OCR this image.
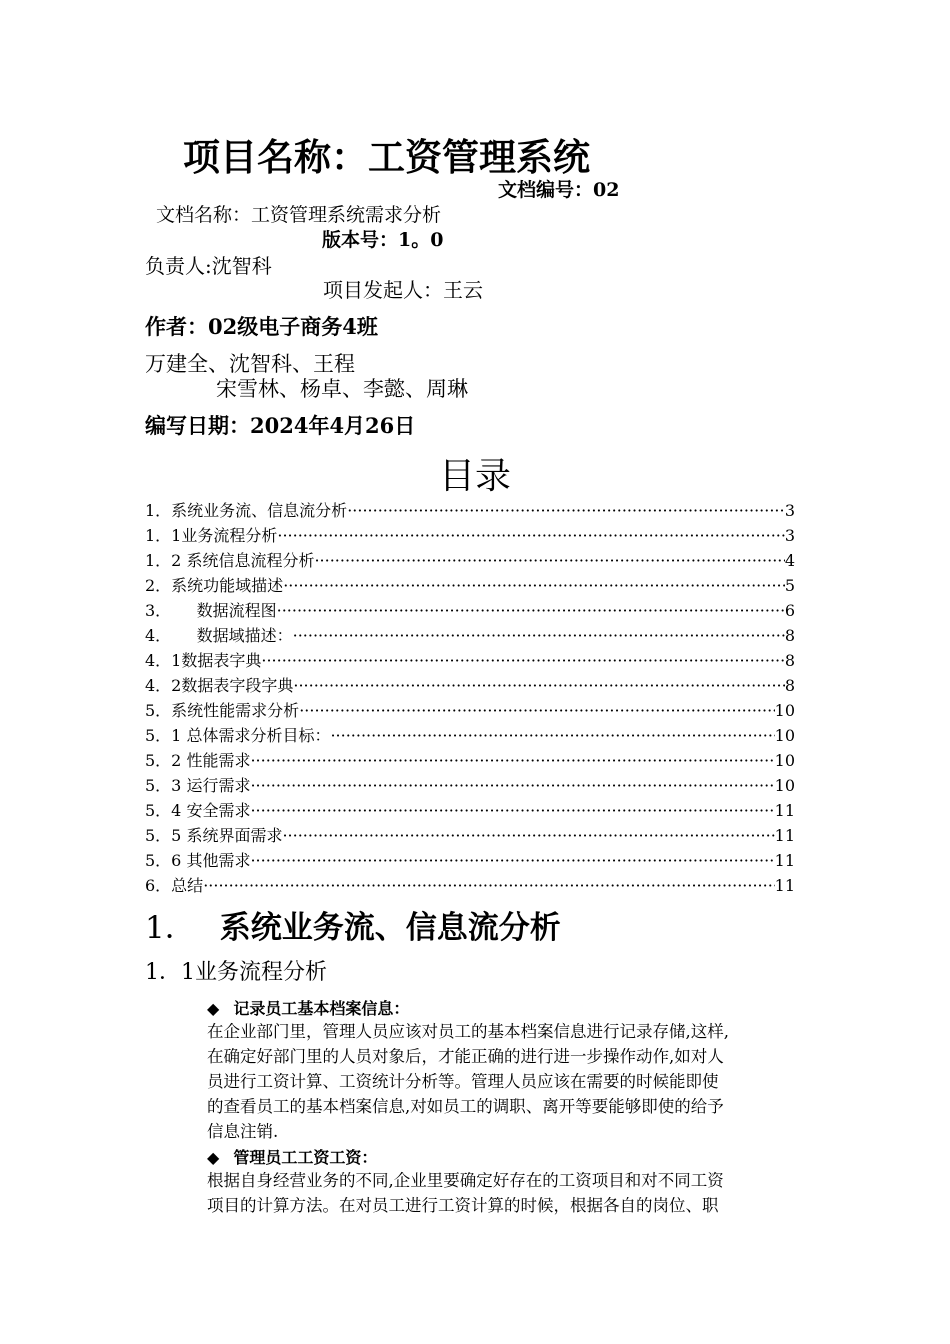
项目名称：工资管理系统
文档编号：02
文档名称：工资管理系统需求分析
版本号：1。0
负责人:沈智科
项目发起人：王云
作者：02级电子商务4班
万建全、沈智科、王程
宋雪林、杨卓、李懿、周琳
编写日期：2024年4月26日
目录
1．系统业务流、信息流分析 ·····	3
1．1业务流程分析 ·····	3
1．2 系统信息流程分析 ·····	4
2．系统功能域描述 ·····	5
3．     数据流程图 ·····	6
4．     数据域描述： ·····	8
4．1数据表字典 ·····	8
4．2数据表字段字典 ·····	8
5．系统性能需求分析 ·····	10
5．1 总体需求分析目标： ·····	10
5．2 性能需求 ·····	10
5．3 运行需求 ·····	10
5．4 安全需求 ·····	11
5．5 系统界面需求 ·····	11
5．6 其他需求 ·····	11
6．总结 ·····	11
1． 系统业务流、信息流分析
1．1业务流程分析
◆ 记录员工基本档案信息：

在企业部门里，管理人员应该对员工的基本档案信息进行记录存储,这样,

在确定好部门里的人员对象后，才能正确的进行进一步操作动作,如对人

员进行工资计算、工资统计分析等。管理人员应该在需要的时候能即使

的查看员工的基本档案信息,对如员工的调职、离开等要能够即使的给予

信息注销.

◆ 管理员工工资工资：

根据自身经营业务的不同,企业里要确定好存在的工资项目和对不同工资

项目的计算方法。在对员工进行工资计算的时候，根据各自的岗位、职
